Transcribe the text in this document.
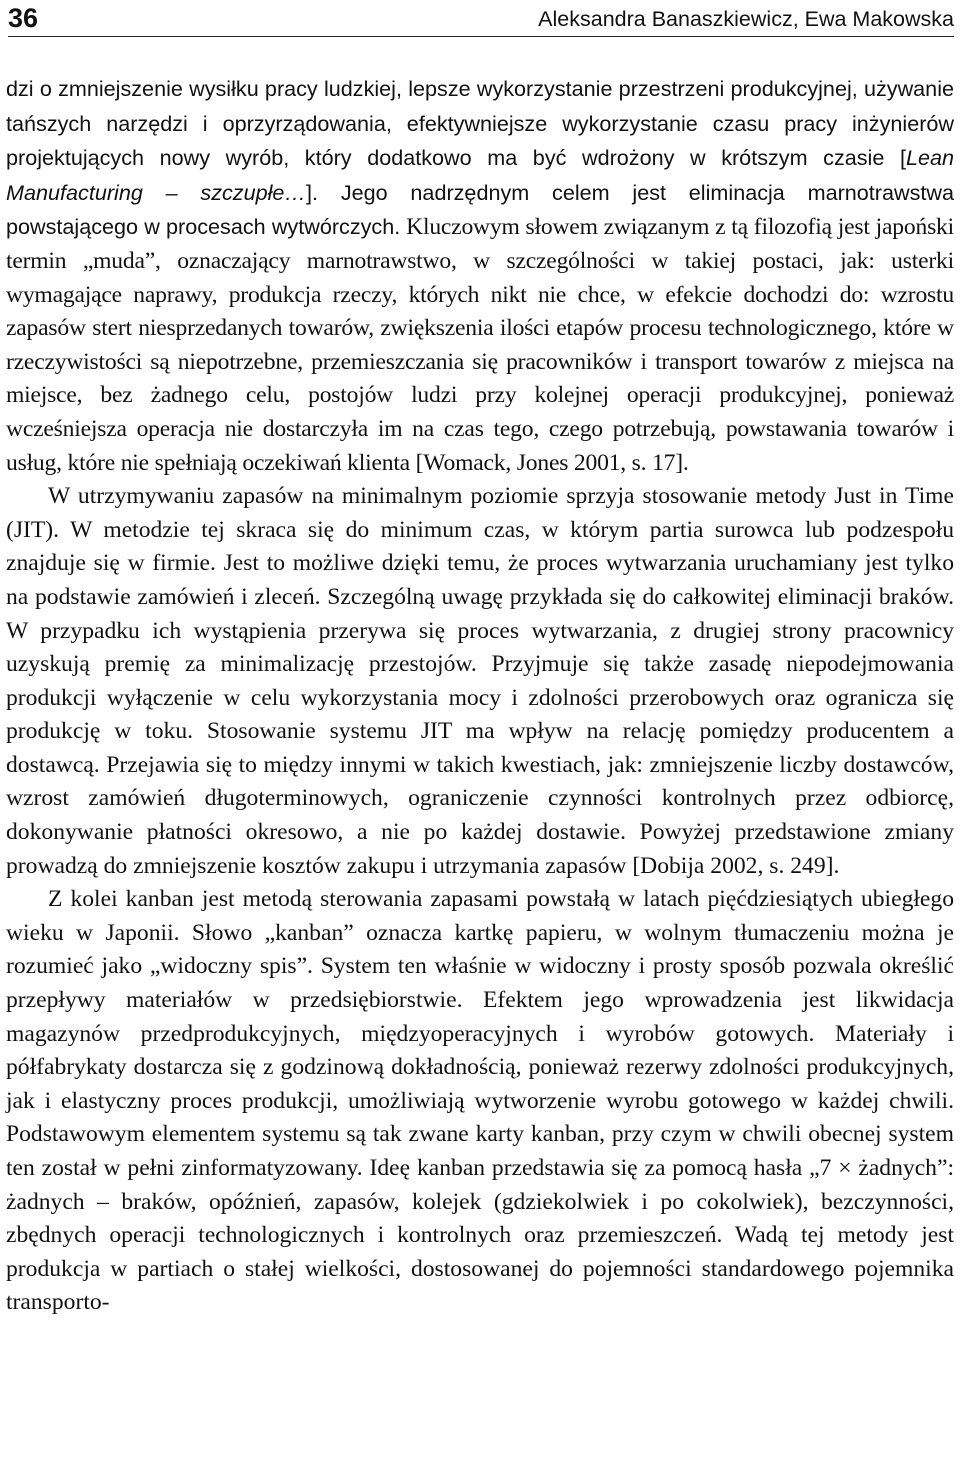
36	Aleksandra Banaszkiewicz, Ewa Makowska

dzi o zmniejszenie wysiłku pracy ludzkiej, lepsze wykorzystanie przestrzeni produkcyjnej, używanie tańszych narzędzi i oprzyrządowania, efektywniejsze wykorzystanie czasu pracy inżynierów projektujących nowy wyrób, który dodatkowo ma być wdrożony w krótszym czasie [Lean Manufacturing – szczupłe…]. Jego nadrzędnym celem jest eliminacja marnotrawstwa powstającego w procesach wytwórczych. Kluczowym słowem związanym z tą filozofią jest japoński termin „muda”, oznaczający marnotrawstwo, w szczególności w takiej postaci, jak: usterki wymagające naprawy, produkcja rzeczy, których nikt nie chce, w efekcie dochodzi do: wzrostu zapasów stert niesprzedanych towarów, zwiększenia ilości etapów procesu technologicznego, które w rzeczywistości są niepotrzebne, przemieszczania się pracowników i transport towarów z miejsca na miejsce, bez żadnego celu, postojów ludzi przy kolejnej operacji produkcyjnej, ponieważ wcześniejsza operacja nie dostarczyła im na czas tego, czego potrzebują, powstawania towarów i usług, które nie spełniają oczekiwań klienta [Womack, Jones 2001, s. 17].

W utrzymywaniu zapasów na minimalnym poziomie sprzyja stosowanie metody Just in Time (JIT). W metodzie tej skraca się do minimum czas, w którym partia surowca lub podzespołu znajduje się w firmie. Jest to możliwe dzięki temu, że proces wytwarzania uruchamiany jest tylko na podstawie zamówień i zleceń. Szczególną uwagę przykłada się do całkowitej eliminacji braków. W przypadku ich wystąpienia przerywa się proces wytwarzania, z drugiej strony pracownicy uzyskują premię za minimalizację przestojów. Przyjmuje się także zasadę niepodejmowania produkcji wyłączenie w celu wykorzystania mocy i zdolności przerobowych oraz ogranicza się produkcję w toku. Stosowanie systemu JIT ma wpływ na relację pomiędzy producentem a dostawcą. Przejawia się to między innymi w takich kwestiach, jak: zmniejszenie liczby dostawców, wzrost zamówień długoterminowych, ograniczenie czynności kontrolnych przez odbiorcę, dokonywanie płatności okresowo, a nie po każdej dostawie. Powyżej przedstawione zmiany prowadzą do zmniejszenie kosztów zakupu i utrzymania zapasów [Dobija 2002, s. 249].

Z kolei kanban jest metodą sterowania zapasami powstałą w latach pięćdziesiątych ubiegłego wieku w Japonii. Słowo „kanban” oznacza kartkę papieru, w wolnym tłumaczeniu można je rozumieć jako „widoczny spis”. System ten właśnie w widoczny i prosty sposób pozwala określić przepływy materiałów w przedsiębiorstwie. Efektem jego wprowadzenia jest likwidacja magazynów przedprodukcyjnych, międzyoperacyjnych i wyrobów gotowych. Materiały i półfabrykaty dostarcza się z godzinową dokładnością, ponieważ rezerwy zdolności produkcyjnych, jak i elastyczny proces produkcji, umożliwiają wytworzenie wyrobu gotowego w każdej chwili. Podstawowym elementem systemu są tak zwane karty kanban, przy czym w chwili obecnej system ten został w pełni zinformatyzowany. Ideę kanban przedstawia się za pomocą hasła „7 × żadnych”: żadnych – braków, opóźnień, zapasów, kolejek (gdziekolwiek i po cokolwiek), bezczynności, zbędnych operacji technologicznych i kontrolnych oraz przemieszczeń. Wadą tej metody jest produkcja w partiach o stałej wielkości, dostosowanej do pojemności standardowego pojemnika transporto-
